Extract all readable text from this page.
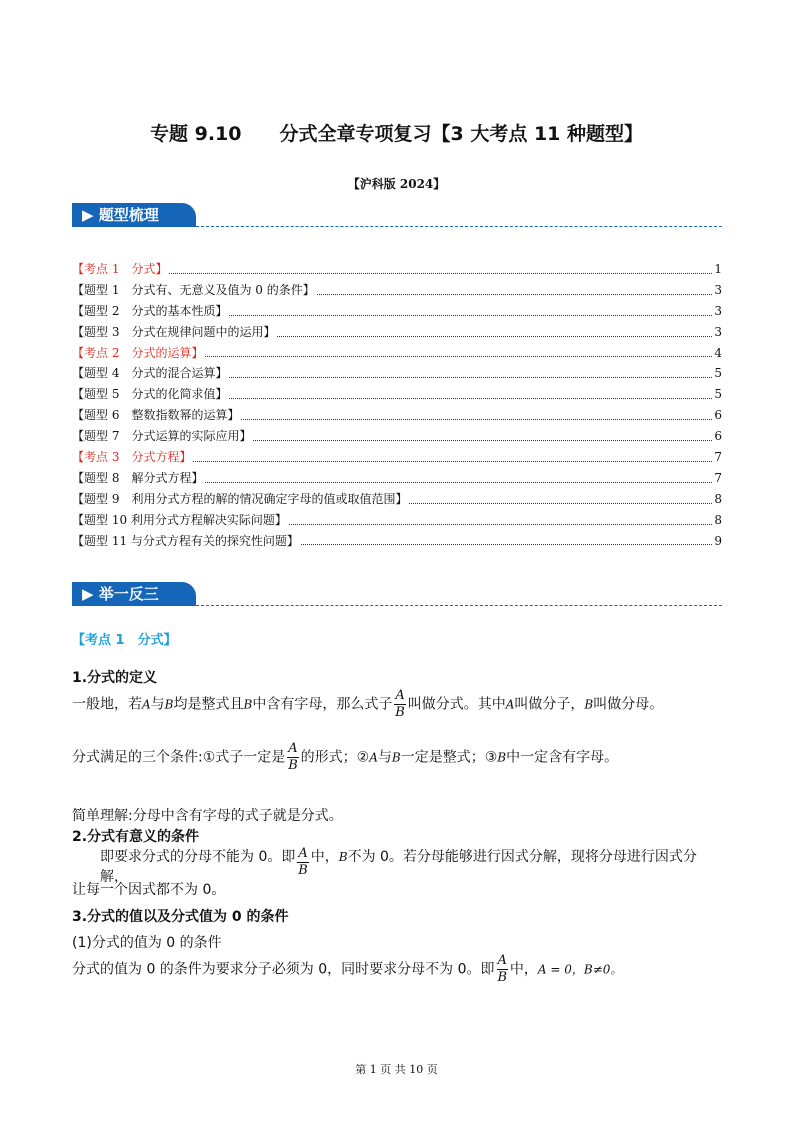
专题 9.10　　分式全章专项复习【3 大考点 11 种题型】
【沪科版 2024】
▶ 题型梳理
【考点 1　分式】	1
【题型 1　分式有、无意义及值为 0 的条件】	3
【题型 2　分式的基本性质】	3
【题型 3　分式在规律问题中的运用】	3
【考点 2　分式的运算】	4
【题型 4　分式的混合运算】	5
【题型 5　分式的化简求值】	5
【题型 6　整数指数幂的运算】	6
【题型 7　分式运算的实际应用】	6
【考点 3　分式方程】	7
【题型 8　解分式方程】	7
【题型 9　利用分式方程的解的情况确定字母的值或取值范围】	8
【题型 10 利用分式方程解决实际问题】	8
【题型 11 与分式方程有关的探究性问题】	9
▶ 举一反三
【考点 1　分式】
1.分式的定义
一般地，若A与B均是整式且B中含有字母，那么式子 $\frac{A}{B}$ 叫做分式。其中A叫做分子，B叫做分母。
分式满足的三个条件:①式子一定是 $\frac{A}{B}$ 的形式；②A与B一定是整式；③B中一定含有字母。
简单理解:分母中含有字母的式子就是分式。
2.分式有意义的条件
即要求分式的分母不能为 0。即 $\frac{A}{B}$ 中，B不为 0。若分母能够进行因式分解，现将分母进行因式分解，
让每一个因式都不为 0。
3.分式的值以及分式值为 0 的条件
(1)分式的值为 0 的条件
分式的值为 0 的条件为要求分子必须为 0，同时要求分母不为 0。即 $\frac{A}{B}$ 中，A = 0，B≠0。
第 1 页 共 10 页
